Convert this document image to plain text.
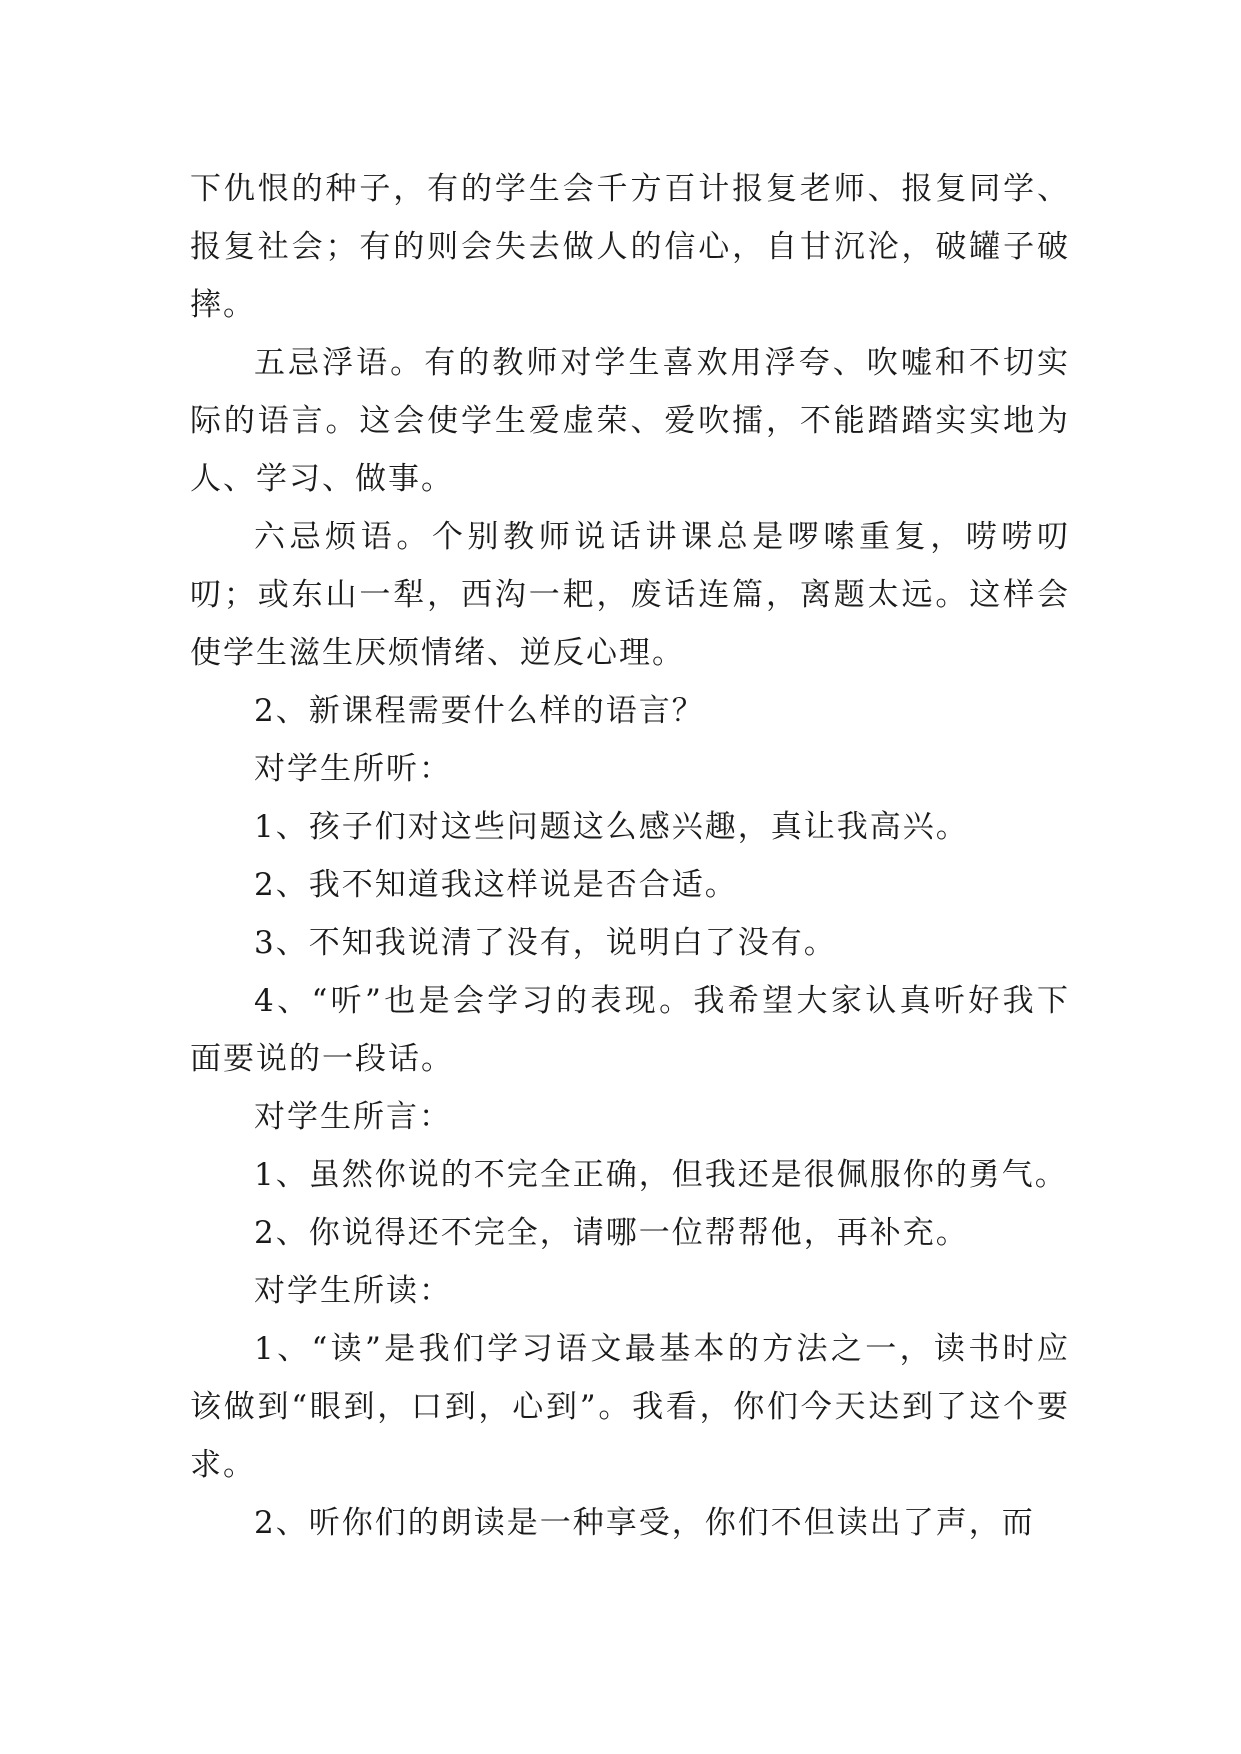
下仇恨的种子，有的学生会千方百计报复老师、报复同学、报复社会；有的则会失去做人的信心，自甘沉沦，破罐子破摔。

五忌浮语。有的教师对学生喜欢用浮夸、吹嘘和不切实际的语言。这会使学生爱虚荣、爱吹擂，不能踏踏实实地为人、学习、做事。

六忌烦语。个别教师说话讲课总是啰嗦重复，唠唠叨叨；或东山一犁，西沟一耙，废话连篇，离题太远。这样会使学生滋生厌烦情绪、逆反心理。

2、新课程需要什么样的语言？

对学生所听：

1、孩子们对这些问题这么感兴趣，真让我高兴。

2、我不知道我这样说是否合适。

3、不知我说清了没有，说明白了没有。

4、“听”也是会学习的表现。我希望大家认真听好我下面要说的一段话。

对学生所言：

1、虽然你说的不完全正确，但我还是很佩服你的勇气。

2、你说得还不完全，请哪一位帮帮他，再补充。

对学生所读：

1、“读”是我们学习语文最基本的方法之一，读书时应该做到“眼到，口到，心到”。我看，你们今天达到了这个要求。

2、听你们的朗读是一种享受，你们不但读出了声，而
